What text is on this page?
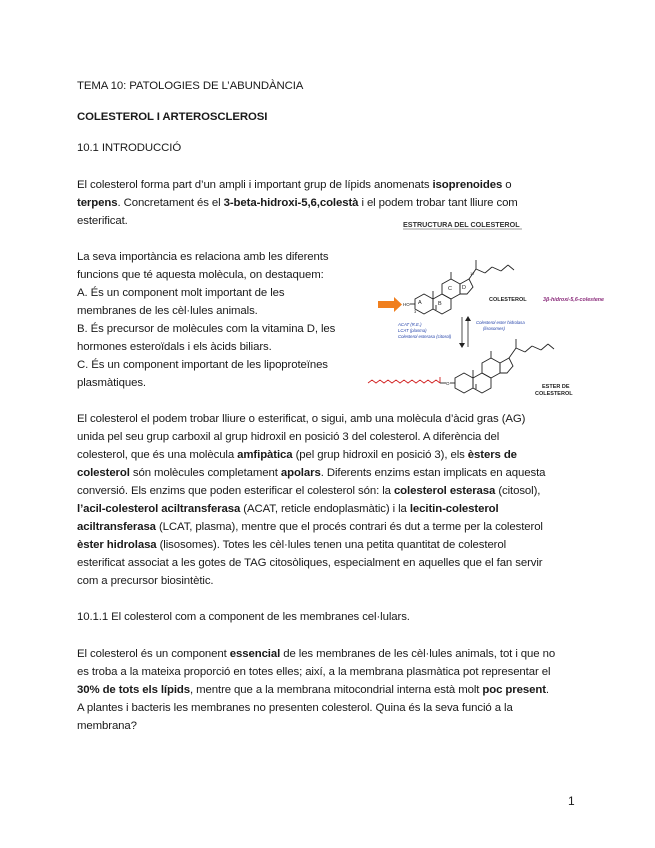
TEMA 10: PATOLOGIES DE L’ABUNDÀNCIA
COLESTEROL I ARTEROSCLEROSI
10.1 INTRODUCCIÓ
El colesterol forma part d’un ampli i important grup de lípids anomenats isoprenoides o
terpens. Concretament és el 3-beta-hidroxi-5,6,colestà i el podem trobar tant lliure com
esterificat.
La seva importància es relaciona amb les diferents
funcions que té aquesta molècula, on destaquem:
A. És un component molt important de les
membranes de les cèl·lules animals.
B. És precursor de molècules com la vitamina D, les
hormones esteroïdals i els àcids biliars.
C. És un component important de les lipoproteïnes
plasmàtiques.
ESTRUCTURA DEL COLESTEROL
A	B
C D
HO
3
17
COLESTEROL	3β-hidroxi-5,6-colestene
ACAT (R.E.)
LCAT (plasma)
Colesterol esterasa (citosol)
Colesterol ester hidrolasa
(lisosomes)
O
ESTER DE
COLESTEROL
El colesterol el podem trobar lliure o esterificat, o sigui, amb una molècula d’àcid gras (AG)
unida pel seu grup carboxil al grup hidroxil en posició 3 del colesterol. A diferència del
colesterol, que és una molècula amfipàtica (pel grup hidroxil en posició 3), els èsters de
colesterol són molècules completament apolars. Diferents enzims estan implicats en aquesta
conversió. Els enzims que poden esterificar el colesterol són: la colesterol esterasa (citosol),
l’acil-colesterol aciltransferasa (ACAT, reticle endoplasmàtic) i la lecitin-colesterol
aciltransferasa (LCAT, plasma), mentre que el procés contrari és dut a terme per la colesterol
èster hidrolasa (lisosomes). Totes les cèl·lules tenen una petita quantitat de colesterol
esterificat associat a les gotes de TAG citosòliques, especialment en aquelles que el fan servir
com a precursor biosintètic.
10.1.1 El colesterol com a component de les membranes cel·lulars.
El colesterol és un component essencial de les membranes de les cèl·lules animals, tot i que no
es troba a la mateixa proporció en totes elles; així, a la membrana plasmàtica pot representar el
30% de tots els lípids, mentre que a la membrana mitocondrial interna està molt poc present.
A plantes i bacteris les membranes no presenten colesterol. Quina és la seva funció a la
membrana?
1
